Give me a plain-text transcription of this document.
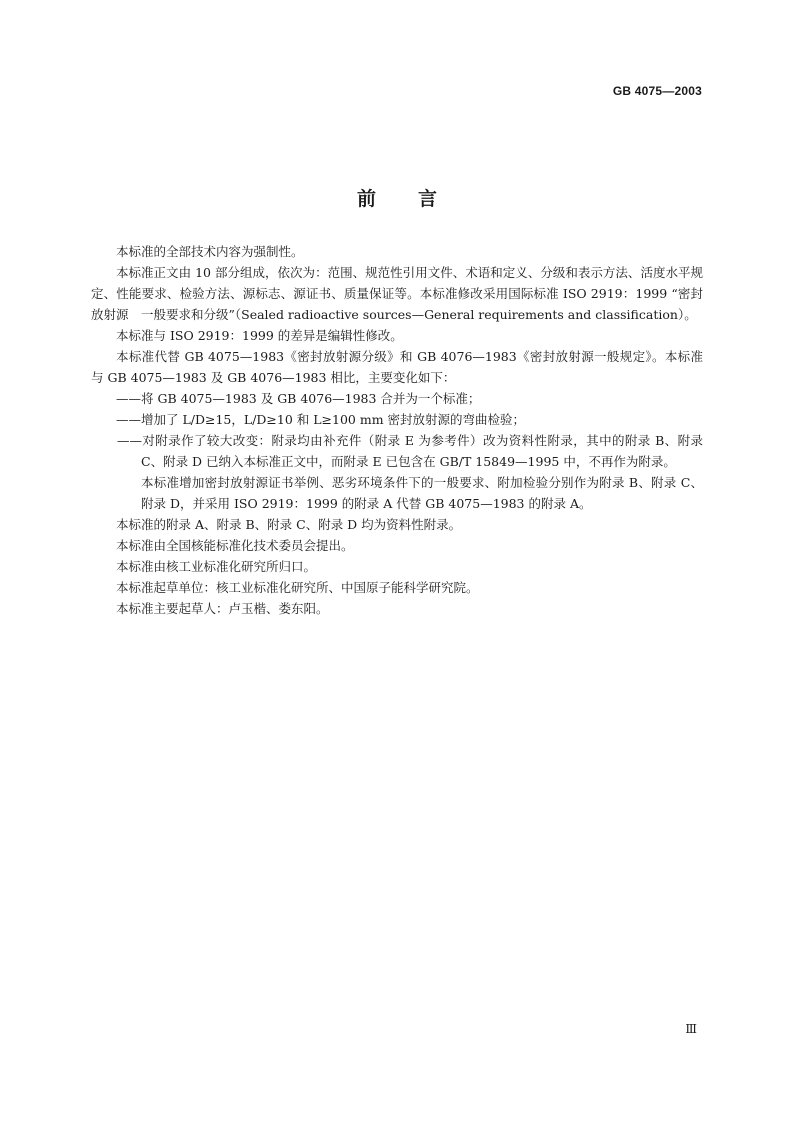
GB 4075—2003
前言

本标准的全部技术内容为强制性。

本标准正文由 10 部分组成，依次为：范围、规范性引用文件、术语和定义、分级和表示方法、活度水平规定、性能要求、检验方法、源标志、源证书、质量保证等。本标准修改采用国际标准 ISO 2919：1999 “密封放射源　一般要求和分级”（Sealed radioactive sources—General requirements and classification）。

本标准与 ISO 2919：1999 的差异是编辑性修改。

本标准代替 GB 4075—1983《密封放射源分级》和 GB 4076—1983《密封放射源一般规定》。本标准与 GB 4075—1983 及 GB 4076—1983 相比，主要变化如下：

——将 GB 4075—1983 及 GB 4076—1983 合并为一个标准；

——增加了 L/D≥15，L/D≥10 和 L≥100 mm 密封放射源的弯曲检验；

——对附录作了较大改变：附录均由补充件（附录 E 为参考件）改为资料性附录，其中的附录 B、附录 C、附录 D 已纳入本标准正文中，而附录 E 已包含在 GB/T 15849—1995 中，不再作为附录。

本标准增加密封放射源证书举例、恶劣环境条件下的一般要求、附加检验分别作为附录 B、附录 C、附录 D，并采用 ISO 2919：1999 的附录 A 代替 GB 4075—1983 的附录 A。

本标准的附录 A、附录 B、附录 C、附录 D 均为资料性附录。

本标准由全国核能标准化技术委员会提出。

本标准由核工业标准化研究所归口。

本标准起草单位：核工业标准化研究所、中国原子能科学研究院。

本标准主要起草人：卢玉楷、娄东阳。

Ⅲ
